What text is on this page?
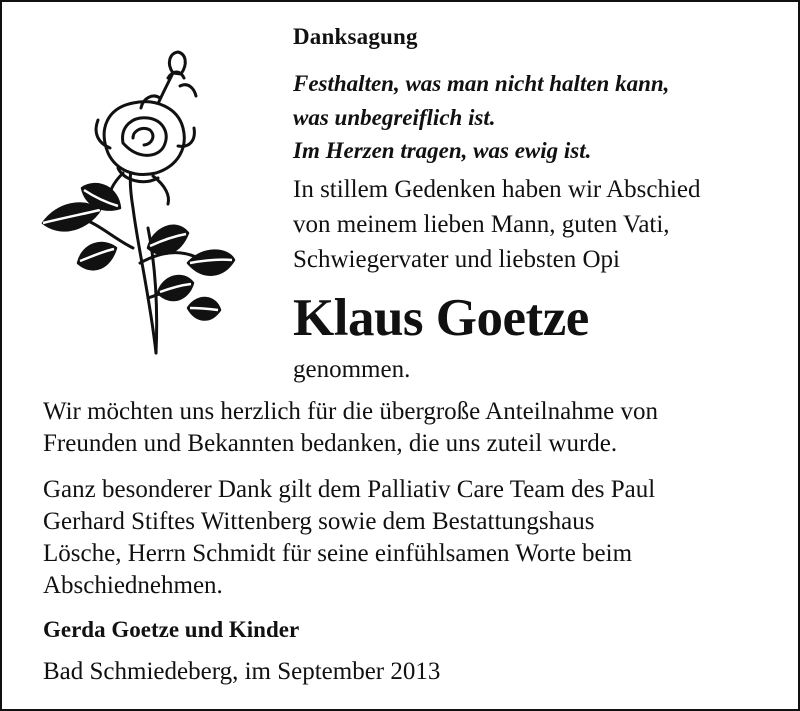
Danksagung
Festhalten, was man nicht halten kann,
was unbegreiflich ist.
Im Herzen tragen, was ewig ist.
In stillem Gedenken haben wir Abschied
von meinem lieben Mann, guten Vati,
Schwiegervater und liebsten Opi
Klaus Goetze
genommen.
Wir möchten uns herzlich für die übergroße Anteilnahme von
Freunden und Bekannten bedanken, die uns zuteil wurde.
Ganz besonderer Dank gilt dem Palliativ Care Team des Paul
Gerhard Stiftes Wittenberg sowie dem Bestattungshaus
Lösche, Herrn Schmidt für seine einfühlsamen Worte beim
Abschiednehmen.
Gerda Goetze und Kinder
Bad Schmiedeberg, im September 2013
